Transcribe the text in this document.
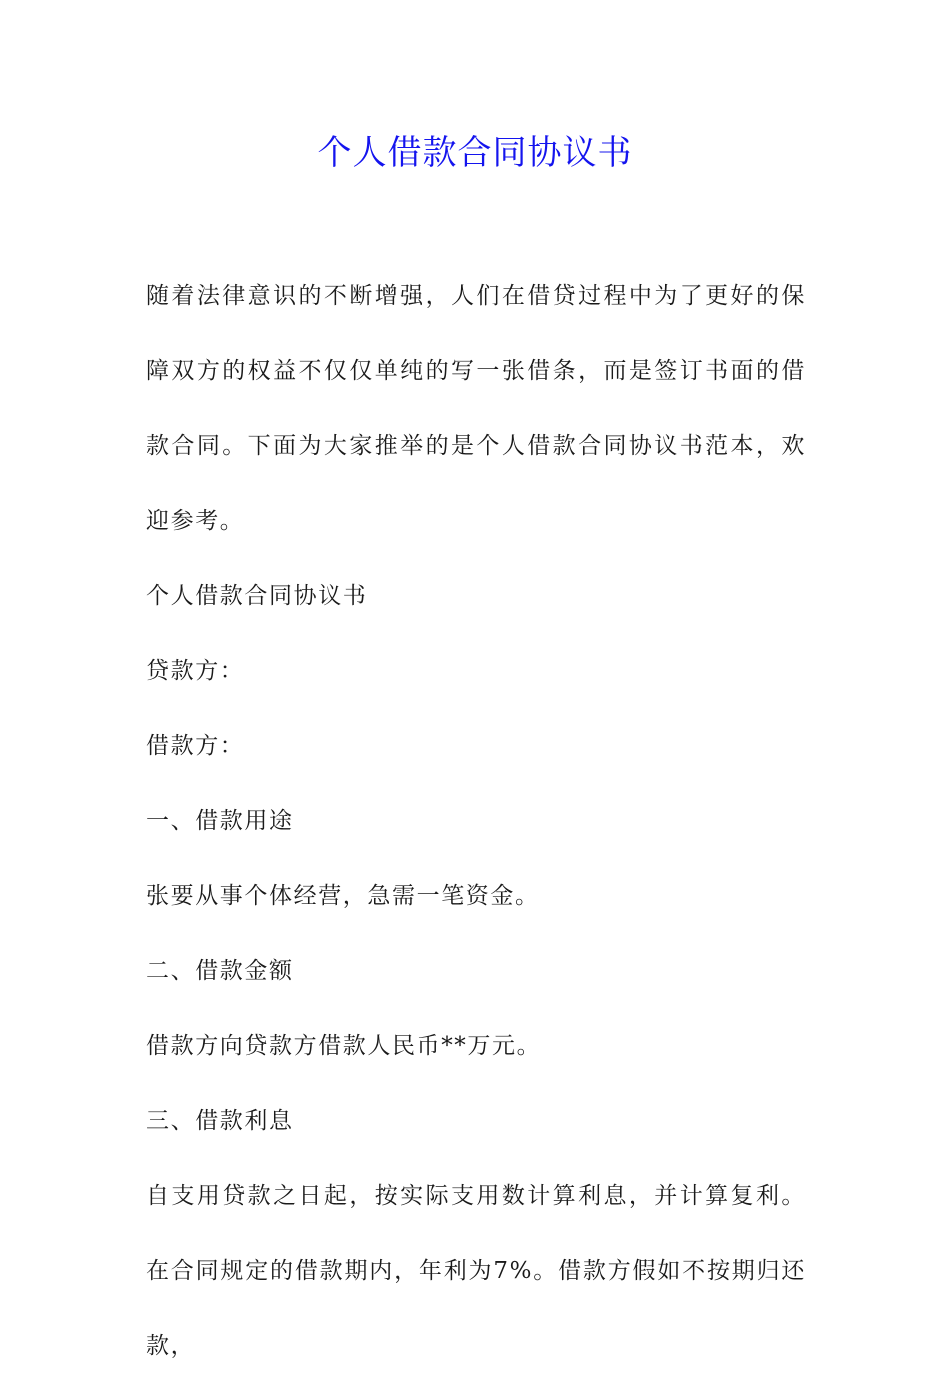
个人借款合同协议书

随着法律意识的不断增强，人们在借贷过程中为了更好的保障双方的权益不仅仅单纯的写一张借条，而是签订书面的借款合同。下面为大家推举的是个人借款合同协议书范本，欢迎参考。

个人借款合同协议书

贷款方：

借款方：

一、借款用途

张要从事个体经营，急需一笔资金。

二、借款金额

借款方向贷款方借款人民币**万元。

三、借款利息

自支用贷款之日起，按实际支用数计算利息，并计算复利。在合同规定的借款期内，年利为7%。借款方假如不按期归还款，
